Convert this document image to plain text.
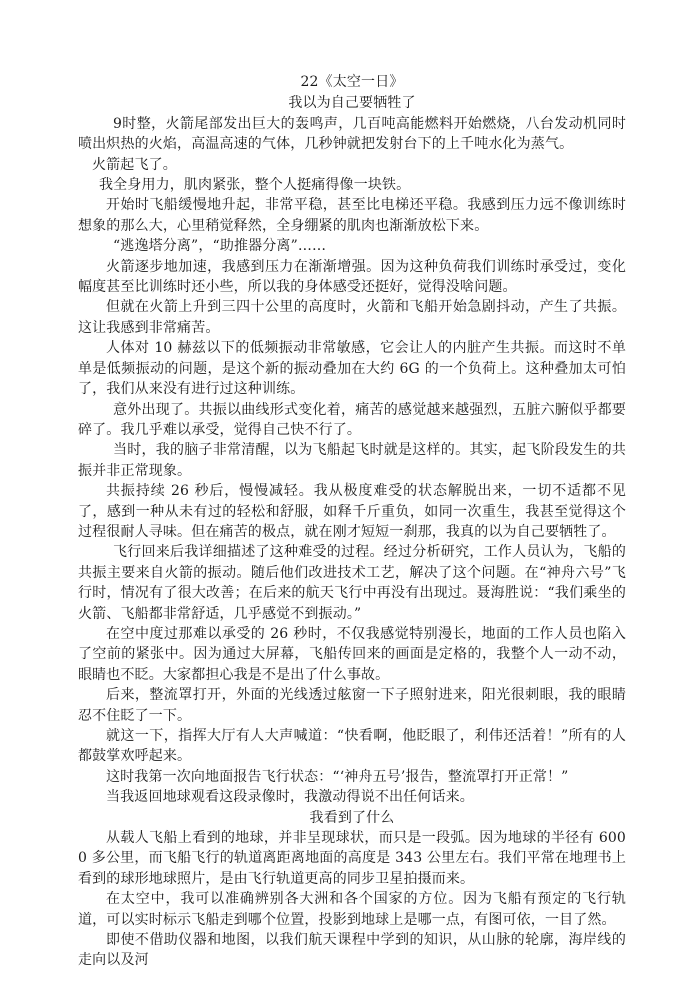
22《太空一日》

我以为自己要牺牲了

9时整，火箭尾部发出巨大的轰鸣声，几百吨高能燃料开始燃烧，八台发动机同时喷出炽热的火焰，高温高速的气体，几秒钟就把发射台下的上千吨水化为蒸气。

火箭起飞了。

我全身用力，肌肉紧张，整个人挺痛得像一块铁。

开始时飞船缓慢地升起，非常平稳，甚至比电梯还平稳。我感到压力远不像训练时想象的那么大，心里稍觉释然，全身绷紧的肌肉也渐渐放松下来。

“逃逸塔分离”，“助推器分离”……

火箭逐步地加速，我感到压力在渐渐增强。因为这种负荷我们训练时承受过，变化幅度甚至比训练时还小些，所以我的身体感受还挺好，觉得没啥问题。

但就在火箭上升到三四十公里的高度时，火箭和飞船开始急剧抖动，产生了共振。这让我感到非常痛苦。

人体对 10 赫兹以下的低频振动非常敏感，它会让人的内脏产生共振。而这时不单单是低频振动的问题，是这个新的振动叠加在大约 6G 的一个负荷上。这种叠加太可怕了，我们从来没有进行过这种训练。

意外出现了。共振以曲线形式变化着，痛苦的感觉越来越强烈，五脏六腑似乎都要碎了。我几乎难以承受，觉得自己快不行了。

当时，我的脑子非常清醒，以为飞船起飞时就是这样的。其实，起飞阶段发生的共振并非正常现象。

共振持续 26 秒后，慢慢减轻。我从极度难受的状态解脱出来，一切不适都不见了，感到一种从未有过的轻松和舒服，如释千斤重负，如同一次重生，我甚至觉得这个过程很耐人寻味。但在痛苦的极点，就在刚才短短一刹那，我真的以为自己要牺牲了。

飞行回来后我详细描述了这种难受的过程。经过分析研究，工作人员认为，飞船的共振主要来自火箭的振动。随后他们改进技术工艺，解决了这个问题。在“神舟六号”飞行时，情况有了很大改善；在后来的航天飞行中再没有出现过。聂海胜说：“我们乘坐的火箭、飞船都非常舒适，几乎感觉不到振动。”

在空中度过那难以承受的 26 秒时，不仅我感觉特别漫长，地面的工作人员也陷入了空前的紧张中。因为通过大屏幕，飞船传回来的画面是定格的，我整个人一动不动，眼睛也不眨。大家都担心我是不是出了什么事故。

后来，整流罩打开，外面的光线透过舷窗一下子照射进来，阳光很刺眼，我的眼睛忍不住眨了一下。

就这一下，指挥大厅有人大声喊道：“快看啊，他眨眼了，利伟还活着！”所有的人都鼓掌欢呼起来。

这时我第一次向地面报告飞行状态：“‘神舟五号’报告，整流罩打开正常！”

当我返回地球观看这段录像时，我激动得说不出任何话来。

我看到了什么

从载人飞船上看到的地球，并非呈现球状，而只是一段弧。因为地球的半径有 6000 多公里，而飞船飞行的轨道离距离地面的高度是 343 公里左右。我们平常在地理书上看到的球形地球照片，是由飞行轨道更高的同步卫星拍摄而来。

在太空中，我可以准确辨别各大洲和各个国家的方位。因为飞船有预定的飞行轨道，可以实时标示飞船走到哪个位置，投影到地球上是哪一点，有图可依，一目了然。

即使不借助仪器和地图，以我们航天课程中学到的知识，从山脉的轮廓，海岸线的走向以及河
